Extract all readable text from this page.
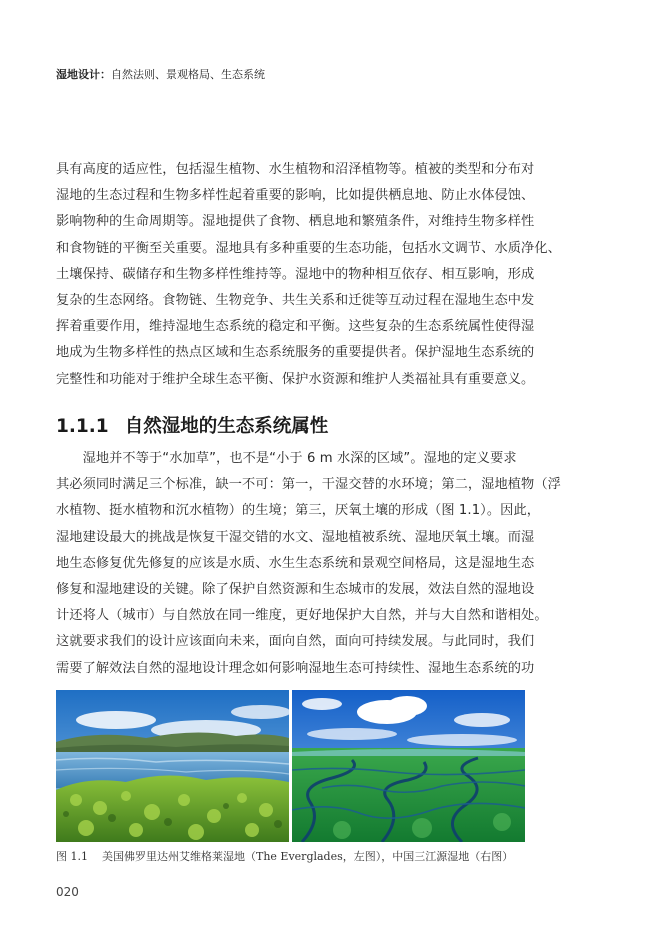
湿地设计：自然法则、景观格局、生态系统

具有高度的适应性，包括湿生植物、水生植物和沼泽植物等。植被的类型和分布对
湿地的生态过程和生物多样性起着重要的影响，比如提供栖息地、防止水体侵蚀、
影响物种的生命周期等。湿地提供了食物、栖息地和繁殖条件，对维持生物多样性
和食物链的平衡至关重要。湿地具有多种重要的生态功能，包括水文调节、水质净化、
土壤保持、碳储存和生物多样性维持等。湿地中的物种相互依存、相互影响，形成
复杂的生态网络。食物链、生物竞争、共生关系和迁徙等互动过程在湿地生态中发
挥着重要作用，维持湿地生态系统的稳定和平衡。这些复杂的生态系统属性使得湿
地成为生物多样性的热点区域和生态系统服务的重要提供者。保护湿地生态系统的
完整性和功能对于维护全球生态平衡、保护水资源和维护人类福祉具有重要意义。

1.1.1 自然湿地的生态系统属性

　　湿地并不等于“水加草”，也不是“小于 6 m 水深的区域”。湿地的定义要求
其必须同时满足三个标准，缺一不可：第一，干湿交替的水环境；第二，湿地植物（浮
水植物、挺水植物和沉水植物）的生境；第三，厌氧土壤的形成（图 1.1）。因此，
湿地建设最大的挑战是恢复干湿交错的水文、湿地植被系统、湿地厌氧土壤。而湿
地生态修复优先修复的应该是水质、水生生态系统和景观空间格局，这是湿地生态
修复和湿地建设的关键。除了保护自然资源和生态城市的发展，效法自然的湿地设
计还将人（城市）与自然放在同一维度，更好地保护大自然，并与大自然和谐相处。
这就要求我们的设计应该面向未来，面向自然，面向可持续发展。与此同时，我们
需要了解效法自然的湿地设计理念如何影响湿地生态可持续性、湿地生态系统的功

图 1.1 美国佛罗里达州艾维格莱湿地（The Everglades，左图），中国三江源湿地（右图）
020
